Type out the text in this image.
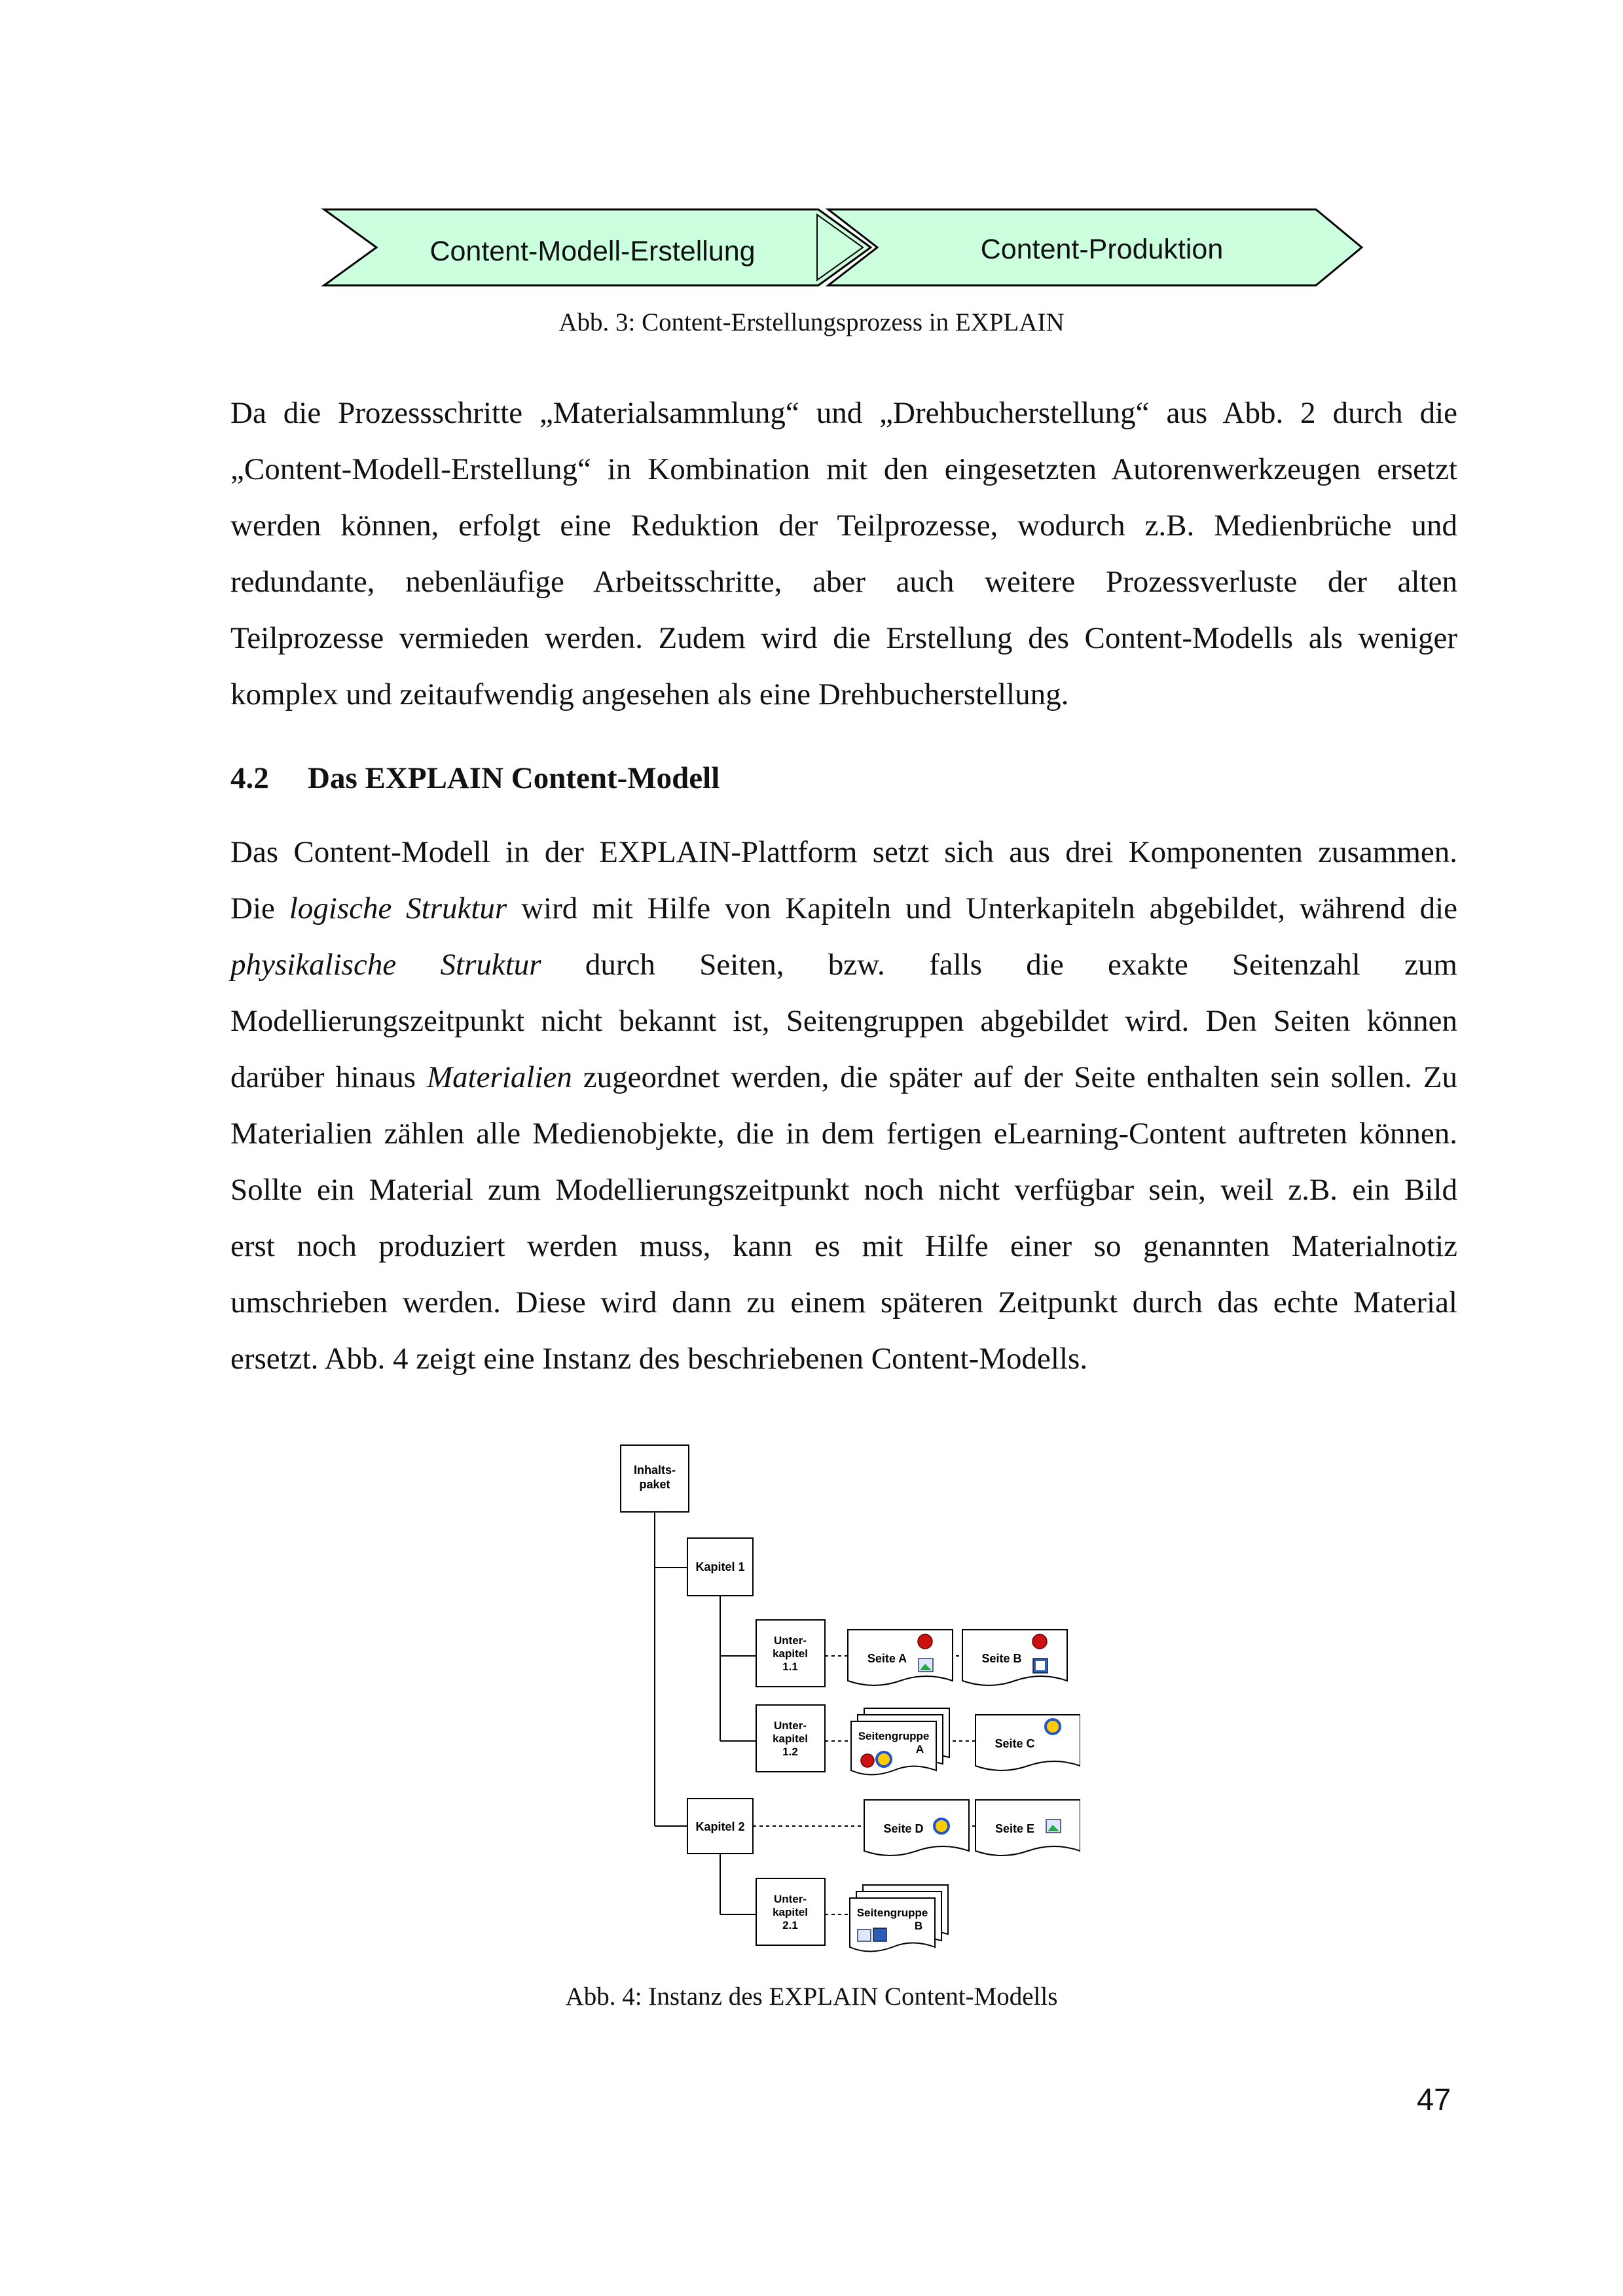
Content-Modell-Erstellung	Content-Produktion
Abb. 3: Content-Erstellungsprozess in EXPLAIN
Da die Prozessschritte „Materialsammlung“ und „Drehbucherstellung“ aus Abb. 2 durch die
„Content-Modell-Erstellung“ in Kombination mit den eingesetzten Autorenwerkzeugen ersetzt
werden können, erfolgt eine Reduktion der Teilprozesse, wodurch z.B. Medienbrüche und
redundante, nebenläufige Arbeitsschritte, aber auch weitere Prozessverluste der alten
Teilprozesse vermieden werden. Zudem wird die Erstellung des Content-Modells als weniger
komplex und zeitaufwendig angesehen als eine Drehbucherstellung.
4.2 Das EXPLAIN Content-Modell
Das Content-Modell in der EXPLAIN-Plattform setzt sich aus drei Komponenten zusammen.
Die logische Struktur wird mit Hilfe von Kapiteln und Unterkapiteln abgebildet, während die
physikalische Struktur durch Seiten, bzw. falls die exakte Seitenzahl zum
Modellierungszeitpunkt nicht bekannt ist, Seitengruppen abgebildet wird. Den Seiten können
darüber hinaus Materialien zugeordnet werden, die später auf der Seite enthalten sein sollen. Zu
Materialien zählen alle Medienobjekte, die in dem fertigen eLearning-Content auftreten können.
Sollte ein Material zum Modellierungszeitpunkt noch nicht verfügbar sein, weil z.B. ein Bild
erst noch produziert werden muss, kann es mit Hilfe einer so genannten Materialnotiz
umschrieben werden. Diese wird dann zu einem späteren Zeitpunkt durch das echte Material
ersetzt. Abb. 4 zeigt eine Instanz des beschriebenen Content-Modells.
Inhalts-
paket
Kapitel 1
Unter-
kapitel
1.1
Seite A	Seite B
Unter-
kapitel
1.2
Seitengruppe
A	Seite C
Kapitel 2	Seite D	Seite E
Unter-
kapitel
2.1
Seitengruppe
B
Abb. 4: Instanz des EXPLAIN Content-Modells
47
